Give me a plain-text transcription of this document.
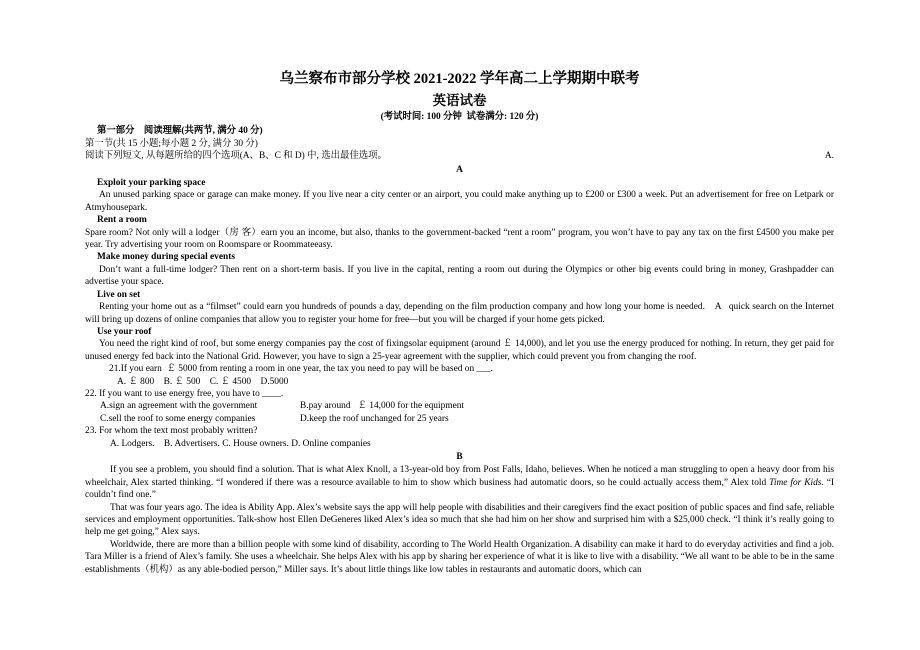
乌兰察布市部分学校 2021-2022 学年高二上学期期中联考
英语试卷
(考试时间: 100 分钟  试卷满分: 120 分)
第一部分　阅读理解(共两节, 满分 40 分)
第一节(共 15 小题;每小题 2 分, 满分 30 分)
阅读下列短文, 从每题所给的四个选项(A、B、C 和 D) 中, 选出最佳选项。	A.
A
Exploit your parking space

An unused parking space or garage can make money. If you live near a city center or an airport, you could make anything up to £200 or £300 a week. Put an advertisement for free on Letpark or Atmyhousepark.

Rent a room

Spare room? Not only will a lodger（房 客）earn you an income, but also, thanks to the government-backed “rent a room” program, you won’t have to pay any tax on the first £4500 you make per year. Try advertising your room on Roomspare or Roommateeasy.

Make money during special events

Don’t want a full-time lodger? Then rent on a short-term basis. If you live in the capital, renting a room out during the Olympics or other big events could bring in money, Grashpadder can advertise your space.

Live on set

Renting your home out as a “filmset” could earn you hundreds of pounds a day, depending on the film production company and how long your home is needed.    A   quick search on the Internet will bring up dozens of online companies that allow you to register your home for free—but you will be charged if your home gets picked.

Use your roof

You need the right kind of roof, but some energy companies pay the cost of fixingsolar equipment (around ￡ 14,000), and let you use the energy produced for nothing. In return, they get paid for unused energy fed back into the National Grid. However, you have to sign a 25-year agreement with the supplier, which could prevent you from changing the roof.

21.If you earn  ￡ 5000 from renting a room in one year, the tax you need to pay will be based on ___.
A. ￡ 800    B. ￡ 500    C. ￡ 4500    D.5000
22. If you want to use energy free, you have to ____.
A.sign an agreement with the government	B.pay around   ￡ 14,000 for the equipment
C.sell the roof to some energy companies	D.keep the roof unchanged for 25 years
23. For whom the text most probably written?
A. Lodgers.    B. Advertisers. C. House owners. D. Online companies
B

If you see a problem, you should find a solution. That is what Alex Knoll, a 13-year-old boy from Post Falls, Idaho, believes. When he noticed a man struggling to open a heavy door from his wheelchair, Alex started thinking. “I wondered if there was a resource available to him to show which business had automatic doors, so he could actually access them,” Alex told Time for Kids. “I couldn’t find one.”

That was four years ago. The idea is Ability App. Alex’s website says the app will help people with disabilities and their caregivers find the exact position of public spaces and find safe, reliable services and employment opportunities. Talk-show host Ellen DeGeneres liked Alex’s idea so much that she had him on her show and surprised him with a $25,000 check. “I think it’s really going to help me get going,” Alex says.

Worldwide, there are more than a billion people with some kind of disability, according to The World Health Organization. A disability can make it hard to do everyday activities and find a job. Tara Miller is a friend of Alex’s family. She uses a wheelchair. She helps Alex with his app by sharing her experience of what it is like to live with a disability. “We all want to be able to be in the same establishments（机构）as any able-bodied person,” Miller says. It’s about little things like low tables in restaurants and automatic doors, which can
